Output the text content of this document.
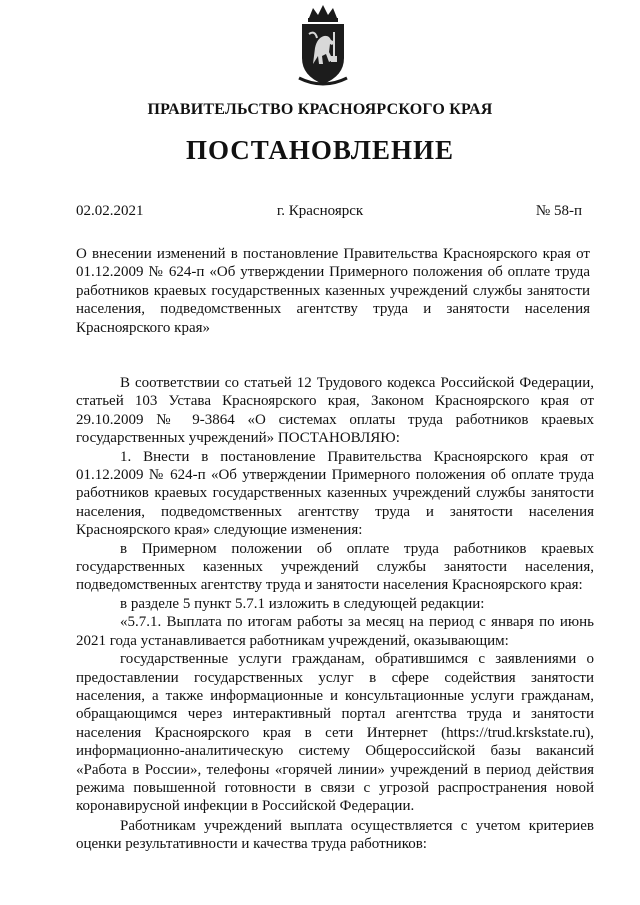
ПРАВИТЕЛЬСТВО КРАСНОЯРСКОГО КРАЯ
ПОСТАНОВЛЕНИЕ
02.02.2021	г. Красноярск	№ 58-п
О внесении изменений в постановление Правительства Красноярского края от 01.12.2009 № 624-п «Об утверждении Примерного положения об оплате труда работников краевых государственных казенных учреждений службы занятости населения, подведомственных агентству труда и занятости населения Красноярского края»

В соответствии со статьей 12 Трудового кодекса Российской Федерации, статьей 103 Устава Красноярского края, Законом Красноярского края от 29.10.2009 № 9-3864 «О системах оплаты труда работников краевых государственных учреждений» ПОСТАНОВЛЯЮ:

1. Внести в постановление Правительства Красноярского края от 01.12.2009 № 624-п «Об утверждении Примерного положения об оплате труда работников краевых государственных казенных учреждений службы занятости населения, подведомственных агентству труда и занятости населения Красноярского края» следующие изменения:

в Примерном положении об оплате труда работников краевых государственных казенных учреждений службы занятости населения, подведомственных агентству труда и занятости населения Красноярского края:

в разделе 5 пункт 5.7.1 изложить в следующей редакции:

«5.7.1. Выплата по итогам работы за месяц на период с января по июнь 2021 года устанавливается работникам учреждений, оказывающим:

государственные услуги гражданам, обратившимся с заявлениями о предоставлении государственных услуг в сфере содействия занятости населения, а также информационные и консультационные услуги гражданам, обращающимся через интерактивный портал агентства труда и занятости населения Красноярского края в сети Интернет (https://trud.krskstate.ru), информационно-аналитическую систему Общероссийской базы вакансий «Работа в России», телефоны «горячей линии» учреждений в период действия режима повышенной готовности в связи с угрозой распространения новой коронавирусной инфекции в Российской Федерации.

Работникам учреждений выплата осуществляется с учетом критериев оценки результативности и качества труда работников:
